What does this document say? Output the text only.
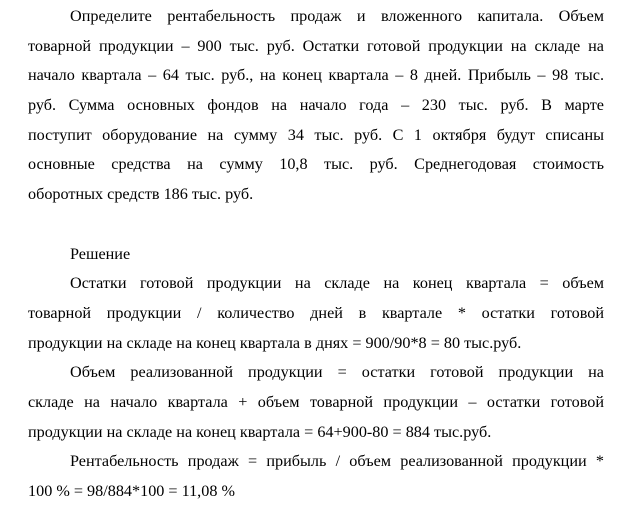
Определите рентабельность продаж и вложенного капитала. Объем
товарной продукции – 900 тыс. руб. Остатки готовой продукции на складе на
начало квартала – 64 тыс. руб., на конец квартала – 8 дней. Прибыль – 98 тыс.
руб. Сумма основных фондов на начало года – 230 тыс. руб. В марте
поступит оборудование на сумму 34 тыс. руб. С 1 октября будут списаны
основные средства на сумму 10,8 тыс. руб. Среднегодовая стоимость
оборотных средств 186 тыс. руб.
Решение
Остатки готовой продукции на складе на конец квартала = объем
товарной продукции / количество дней в квартале * остатки готовой
продукции на складе на конец квартала в днях = 900/90*8 = 80 тыс.руб.
Объем реализованной продукции = остатки готовой продукции на
складе на начало квартала + объем товарной продукции – остатки готовой
продукции на складе на конец квартала = 64+900-80 = 884 тыс.руб.
Рентабельность продаж = прибыль / объем реализованной продукции *
100 % = 98/884*100 = 11,08 %
